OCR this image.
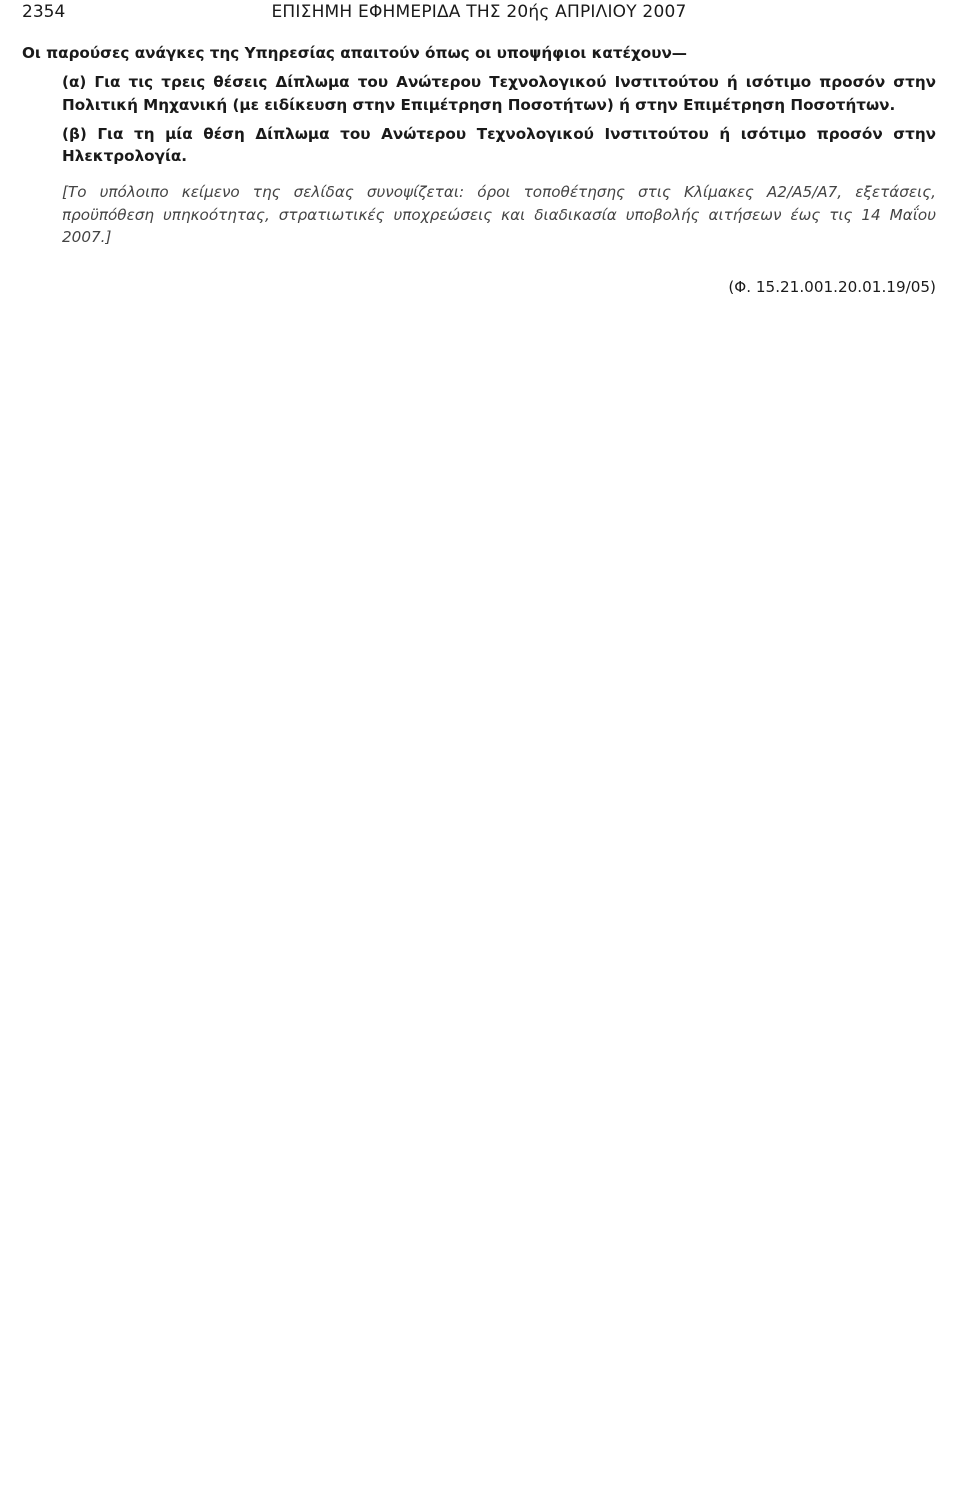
2354	ΕΠΙΣΗΜΗ ΕΦΗΜΕΡΙΔΑ ΤΗΣ 20ής ΑΠΡΙΛΙΟΥ 2007

Οι παρούσες ανάγκες της Υπηρεσίας απαιτούν όπως οι υποψήφιοι κατέχουν—

(α) Για τις τρεις θέσεις Δίπλωμα του Ανώτερου Τεχνολογικού Ινστιτούτου ή ισότιμο προσόν στην Πολιτική Μηχανική (με ειδίκευση στην Επιμέτρηση Ποσοτήτων) ή στην Επιμέτρηση Ποσοτήτων.

(β) Για τη μία θέση Δίπλωμα του Ανώτερου Τεχνολογικού Ινστιτούτου ή ισότιμο προσόν στην Ηλεκτρολογία.

[Το υπόλοιπο κείμενο της σελίδας συνοψίζεται: όροι τοποθέτησης στις Κλίμακες Α2/Α5/Α7, εξετάσεις, προϋπόθεση υπηκοότητας, στρατιωτικές υποχρεώσεις και διαδικασία υποβολής αιτήσεων έως τις 14 Μαΐου 2007.]

(Φ. 15.21.001.20.01.19/05)
